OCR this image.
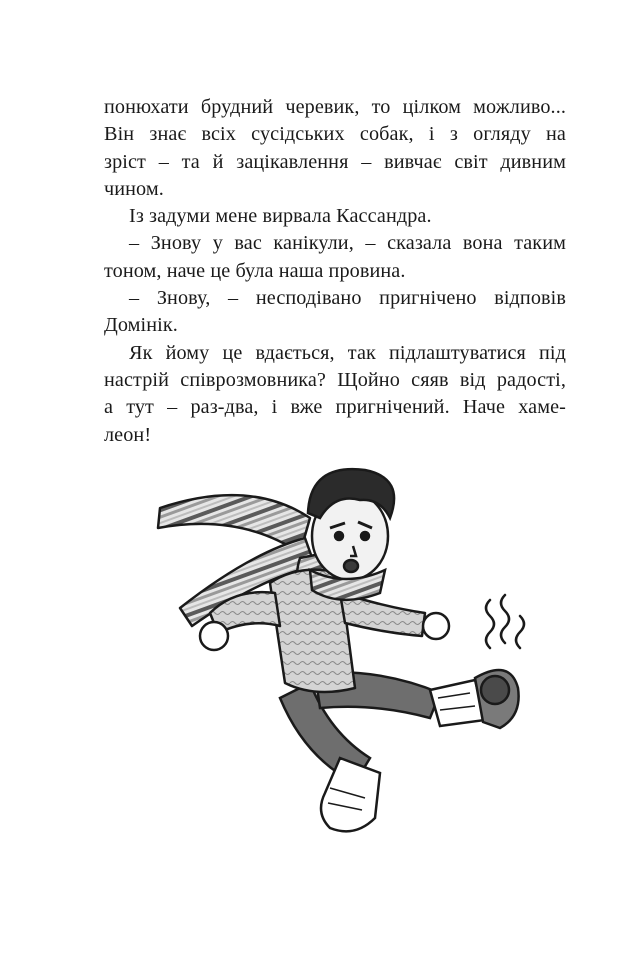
понюхати брудний черевик, то цілком можливо...
Він знає всіх сусідських собак, і з огляду на
зріст – та й зацікавлення – вивчає світ дивним
чином.

Із задуми мене вирвала Кассандра.

– Знову у вас канікули, – сказала вона таким
тоном, наче це була наша провина.

– Знову, – несподівано пригнічено відповів
Домінік.

Як йому це вдається, так підлаштуватися під
настрій співрозмовника? Щойно сяяв від радості,
а тут – раз-два, і вже пригнічений. Наче хаме-
леон!
